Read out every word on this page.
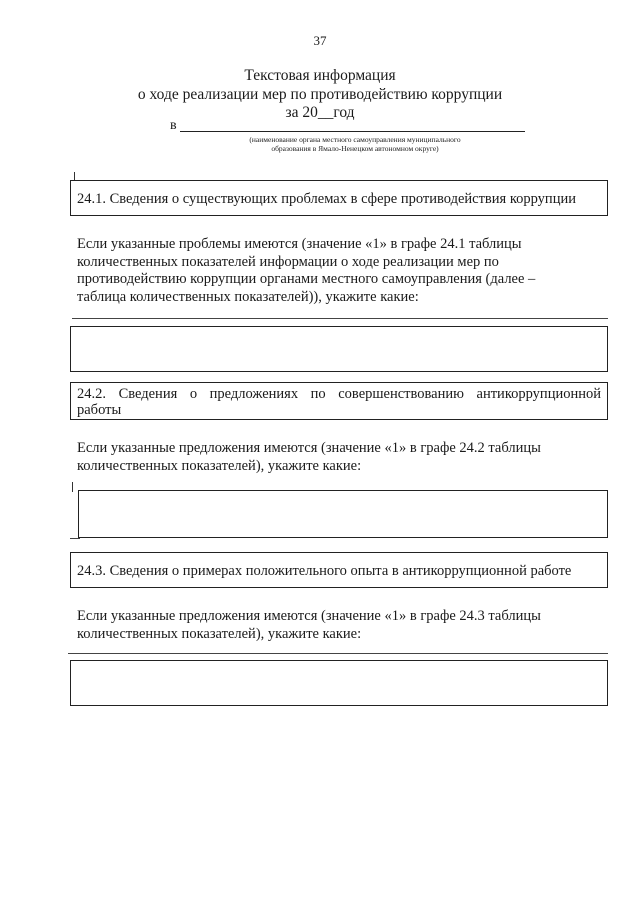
37
Текстовая информация
о ходе реализации мер по противодействию коррупции
за 20__год
в
(наименование органа местного самоуправления муниципального
образования в Ямало-Ненецком автономном округе)
24.1. Сведения о существующих проблемах в сфере противодействия коррупции
Если указанные проблемы имеются (значение «1» в графе 24.1 таблицы
количественных показателей информации о ходе реализации мер по
противодействию коррупции органами местного самоуправления (далее –
таблица количественных показателей)), укажите какие:
24.2. Сведения о предложениях по совершенствованию антикоррупционной
работы
Если указанные предложения имеются (значение «1» в графе 24.2 таблицы
количественных показателей), укажите какие:
24.3. Сведения о примерах положительного опыта в антикоррупционной работе
Если указанные предложения имеются (значение «1» в графе 24.3 таблицы
количественных показателей), укажите какие:
